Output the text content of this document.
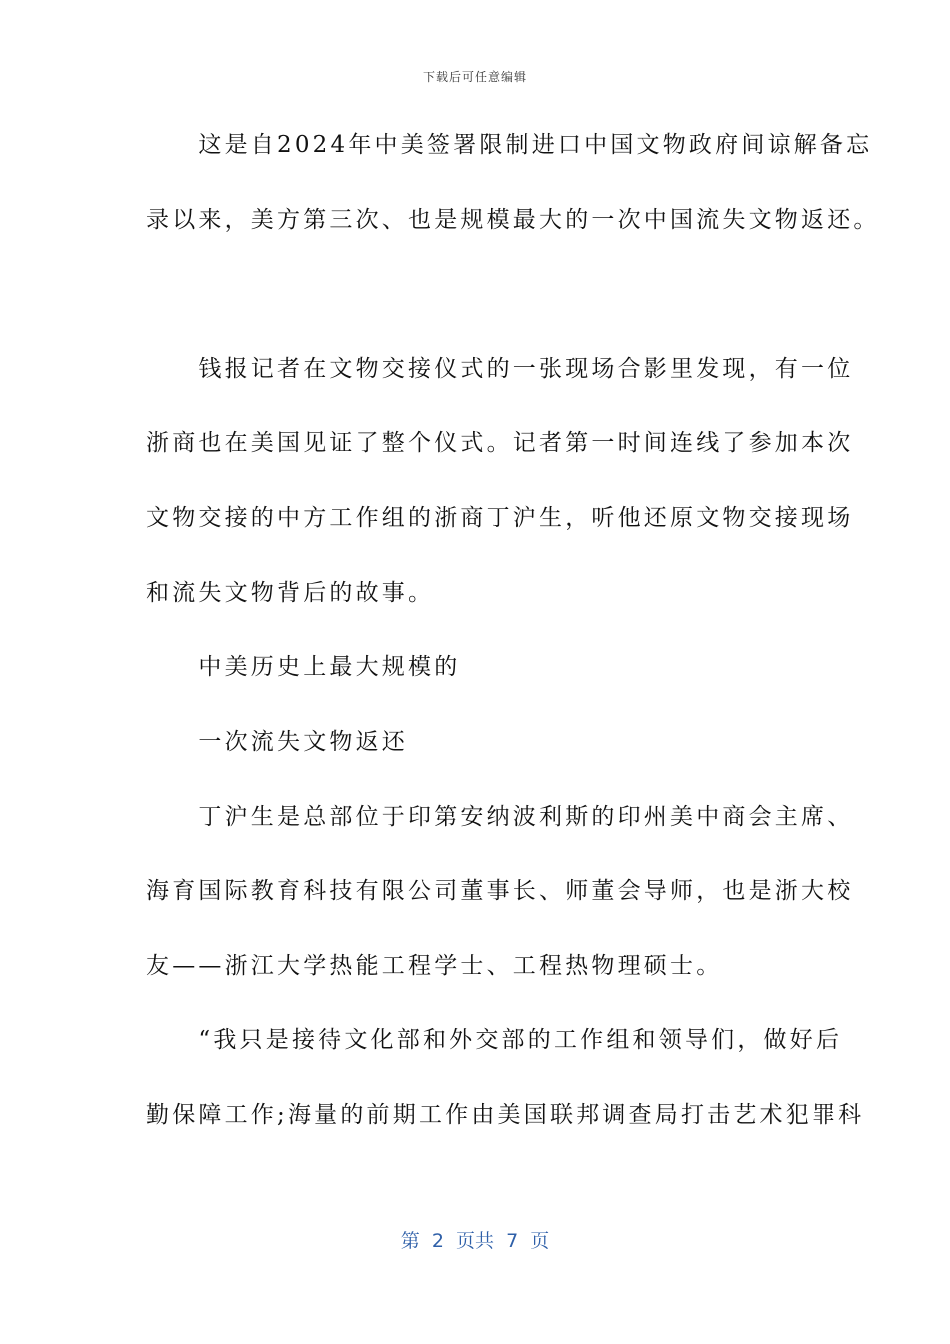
下载后可任意编辑
　　这是自2024年中美签署限制进口中国文物政府间谅解备忘
录以来，美方第三次、也是规模最大的一次中国流失文物返还。
　　钱报记者在文物交接仪式的一张现场合影里发现，有一位
浙商也在美国见证了整个仪式。记者第一时间连线了参加本次
文物交接的中方工作组的浙商丁沪生，听他还原文物交接现场
和流失文物背后的故事。
　　中美历史上最大规模的
　　一次流失文物返还
　　丁沪生是总部位于印第安纳波利斯的印州美中商会主席、
海育国际教育科技有限公司董事长、师董会导师，也是浙大校
友——浙江大学热能工程学士、工程热物理硕士。
　　“我只是接待文化部和外交部的工作组和领导们，做好后
勤保障工作;海量的前期工作由美国联邦调查局打击艺术犯罪科
第  2  页共  7  页
